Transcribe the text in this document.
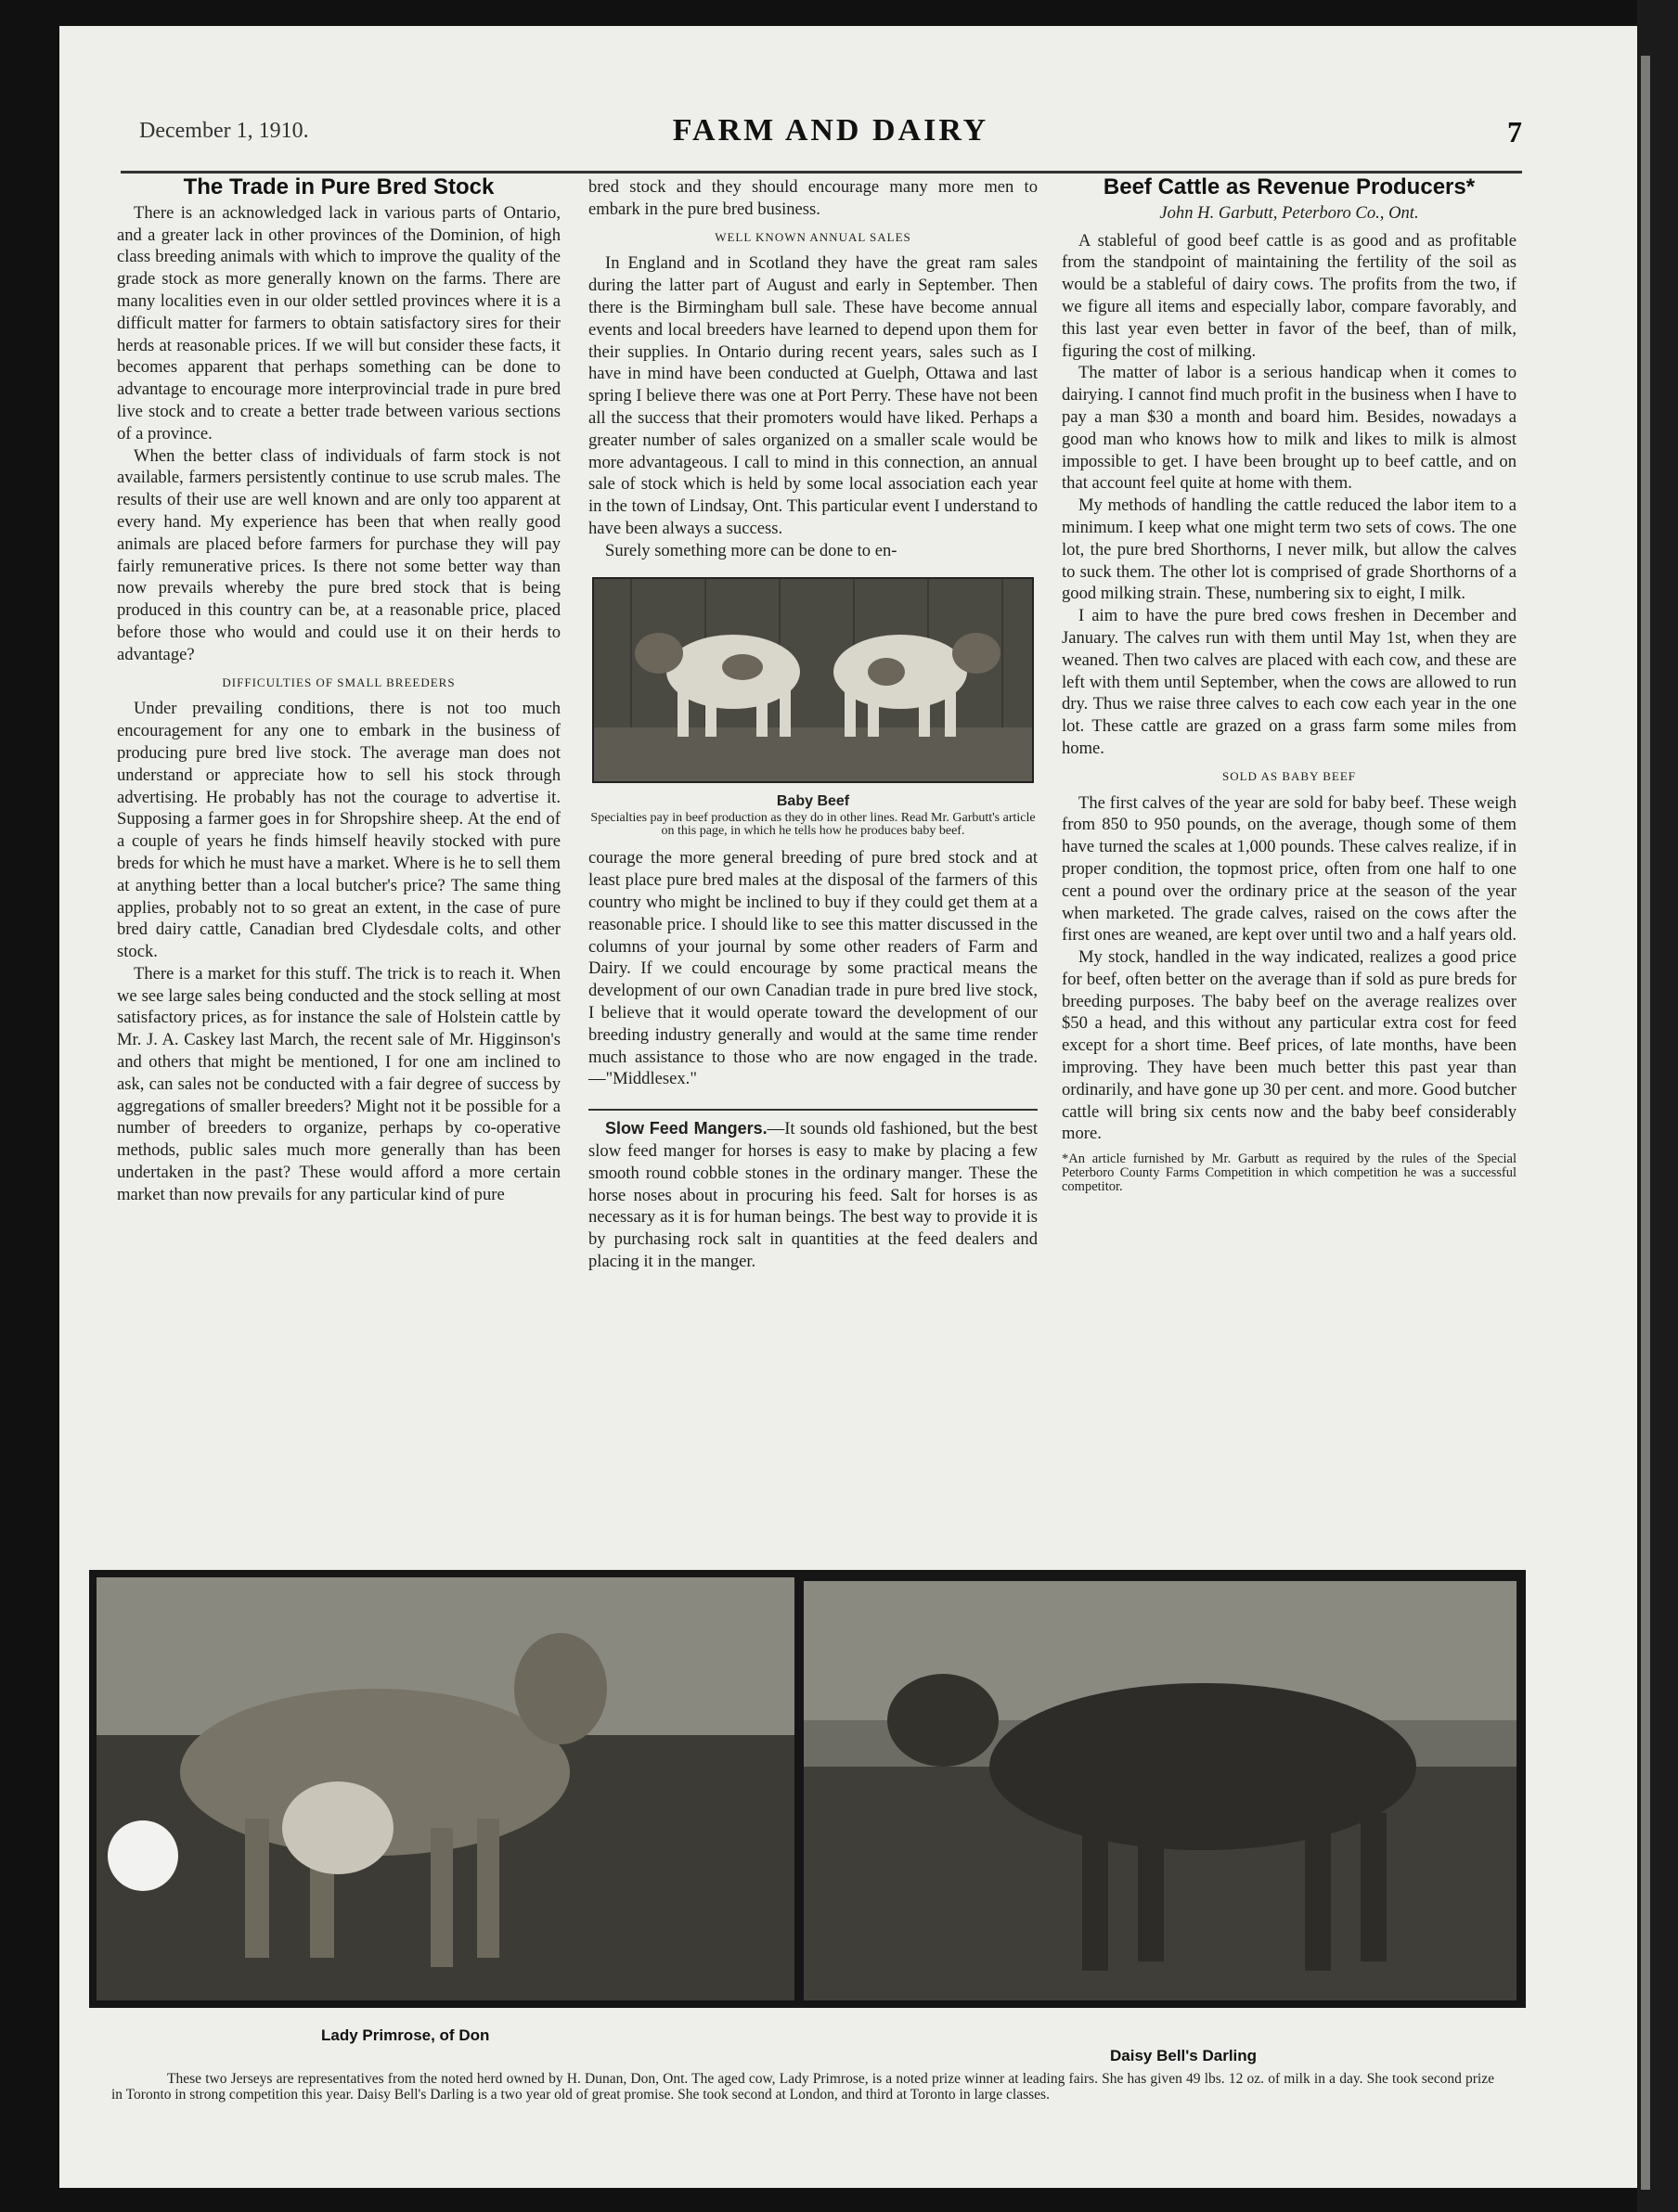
December 1, 1910.	FARM AND DAIRY	7
The Trade in Pure Bred Stock

There is an acknowledged lack in various parts of Ontario, and a greater lack in other provinces of the Dominion, of high class breeding animals with which to improve the quality of the grade stock as more generally known on the farms. There are many localities even in our older settled provinces where it is a difficult matter for farmers to obtain satisfactory sires for their herds at reasonable prices. If we will but consider these facts, it becomes apparent that perhaps something can be done to advantage to encourage more interprovincial trade in pure bred live stock and to create a better trade between various sections of a province.

When the better class of individuals of farm stock is not available, farmers persistently continue to use scrub males. The results of their use are well known and are only too apparent at every hand. My experience has been that when really good animals are placed before farmers for purchase they will pay fairly remunerative prices. Is there not some better way than now prevails whereby the pure bred stock that is being produced in this country can be, at a reasonable price, placed before those who would and could use it on their herds to advantage?

DIFFICULTIES OF SMALL BREEDERS

Under prevailing conditions, there is not too much encouragement for any one to embark in the business of producing pure bred live stock. The average man does not understand or appreciate how to sell his stock through advertising. He probably has not the courage to advertise it. Supposing a farmer goes in for Shropshire sheep. At the end of a couple of years he finds himself heavily stocked with pure breds for which he must have a market. Where is he to sell them at anything better than a local butcher's price? The same thing applies, probably not to so great an extent, in the case of pure bred dairy cattle, Canadian bred Clydesdale colts, and other stock.

There is a market for this stuff. The trick is to reach it. When we see large sales being conducted and the stock selling at most satisfactory prices, as for instance the sale of Holstein cattle by Mr. J. A. Caskey last March, the recent sale of Mr. Higginson's and others that might be mentioned, I for one am inclined to ask, can sales not be conducted with a fair degree of success by aggregations of smaller breeders? Might not it be possible for a number of breeders to organize, perhaps by co-operative methods, public sales much more generally than has been undertaken in the past? These would afford a more certain market than now prevails for any particular kind of pure

bred stock and they should encourage many more men to embark in the pure bred business.

WELL KNOWN ANNUAL SALES

In England and in Scotland they have the great ram sales during the latter part of August and early in September. Then there is the Birmingham bull sale. These have become annual events and local breeders have learned to depend upon them for their supplies. In Ontario during recent years, sales such as I have in mind have been conducted at Guelph, Ottawa and last spring I believe there was one at Port Perry. These have not been all the success that their promoters would have liked. Perhaps a greater number of sales organized on a smaller scale would be more advantageous. I call to mind in this connection, an annual sale of stock which is held by some local association each year in the town of Lindsay, Ont. This particular event I understand to have been always a success.

Surely something more can be done to en-

Baby Beef
Specialties pay in beef production as they do in other lines. Read Mr. Garbutt's article on this page, in which he tells how he produces baby beef.

courage the more general breeding of pure bred stock and at least place pure bred males at the disposal of the farmers of this country who might be inclined to buy if they could get them at a reasonable price. I should like to see this matter discussed in the columns of your journal by some other readers of Farm and Dairy. If we could encourage by some practical means the development of our own Canadian trade in pure bred live stock, I believe that it would operate toward the development of our breeding industry generally and would at the same time render much assistance to those who are now engaged in the trade.—"Middlesex."

Slow Feed Mangers.—It sounds old fashioned, but the best slow feed manger for horses is easy to make by placing a few smooth round cobble stones in the ordinary manger. These the horse noses about in procuring his feed. Salt for horses is as necessary as it is for human beings. The best way to provide it is by purchasing rock salt in quantities at the feed dealers and placing it in the manger.

Beef Cattle as Revenue Producers*
John H. Garbutt, Peterboro Co., Ont.

A stableful of good beef cattle is as good and as profitable from the standpoint of maintaining the fertility of the soil as would be a stableful of dairy cows. The profits from the two, if we figure all items and especially labor, compare favorably, and this last year even better in favor of the beef, than of milk, figuring the cost of milking.

The matter of labor is a serious handicap when it comes to dairying. I cannot find much profit in the business when I have to pay a man $30 a month and board him. Besides, nowadays a good man who knows how to milk and likes to milk is almost impossible to get. I have been brought up to beef cattle, and on that account feel quite at home with them.

My methods of handling the cattle reduced the labor item to a minimum. I keep what one might term two sets of cows. The one lot, the pure bred Shorthorns, I never milk, but allow the calves to suck them. The other lot is comprised of grade Shorthorns of a good milking strain. These, numbering six to eight, I milk.

I aim to have the pure bred cows freshen in December and January. The calves run with them until May 1st, when they are weaned. Then two calves are placed with each cow, and these are left with them until September, when the cows are allowed to run dry. Thus we raise three calves to each cow each year in the one lot. These cattle are grazed on a grass farm some miles from home.

SOLD AS BABY BEEF

The first calves of the year are sold for baby beef. These weigh from 850 to 950 pounds, on the average, though some of them have turned the scales at 1,000 pounds. These calves realize, if in proper condition, the topmost price, often from one half to one cent a pound over the ordinary price at the season of the year when marketed. The grade calves, raised on the cows after the first ones are weaned, are kept over until two and a half years old.

My stock, handled in the way indicated, realizes a good price for beef, often better on the average than if sold as pure breds for breeding purposes. The baby beef on the average realizes over $50 a head, and this without any particular extra cost for feed except for a short time. Beef prices, of late months, have been improving. They have been much better this past year than ordinarily, and have gone up 30 per cent. and more. Good butcher cattle will bring six cents now and the baby beef considerably more.

*An article furnished by Mr. Garbutt as required by the rules of the Special Peterboro County Farms Competition in which competition he was a successful competitor.
Lady Primrose, of Don
Daisy Bell's Darling
These two Jerseys are representatives from the noted herd owned by H. Dunan, Don, Ont. The aged cow, Lady Primrose, is a noted prize winner at leading fairs. She has given 49 lbs. 12 oz. of milk in a day. She took second prize in Toronto in strong competition this year. Daisy Bell's Darling is a two year old of great promise. She took second at London, and third at Toronto in large classes.
